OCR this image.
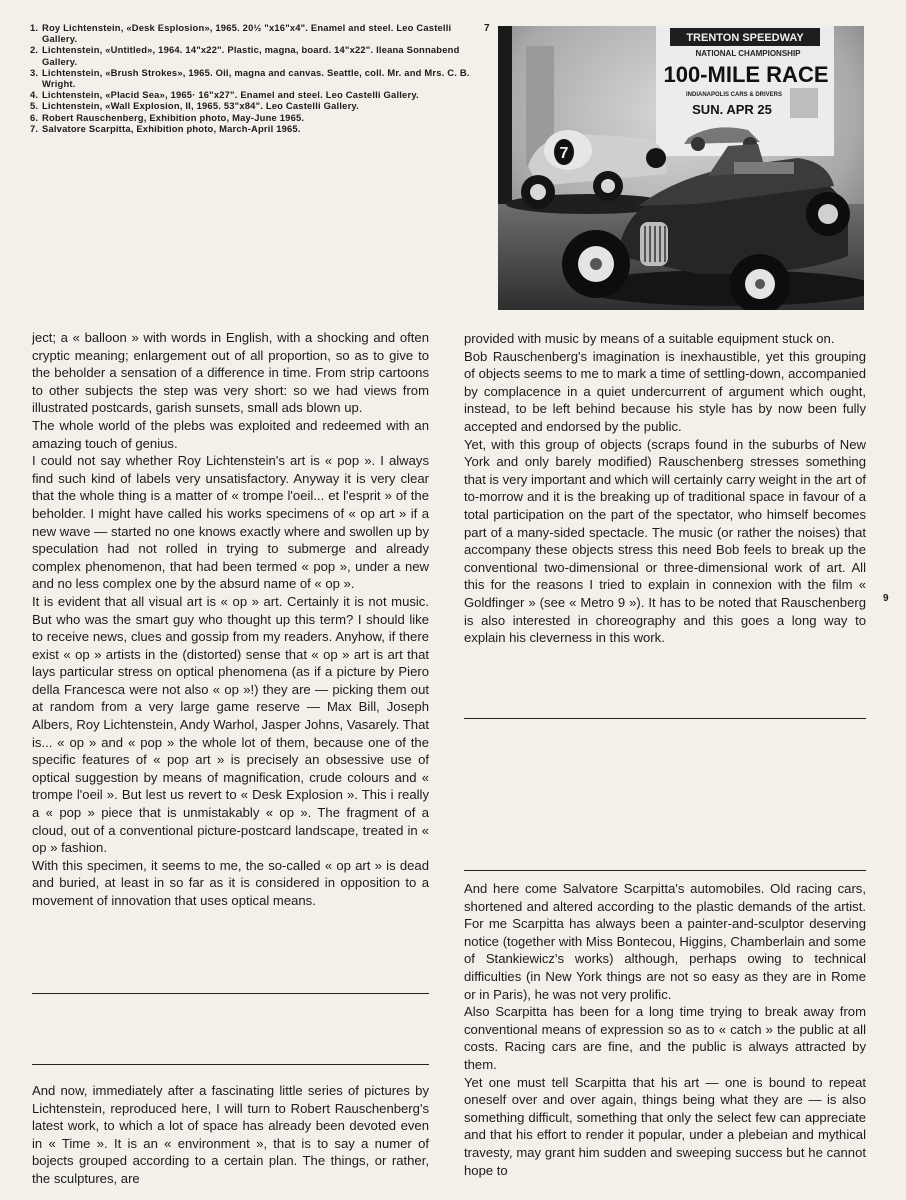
1. Roy Lichtenstein, «Desk Esplosion», 1965. 20½ "x16"x4". Enamel and steel. Leo Castelli Gallery.
2. Lichtenstein, «Untitled», 1964. 14"x22". Plastic, magna, board. 14"x22". Ileana Sonnabend Gallery.
3. Lichtenstein, «Brush Strokes», 1965. Oil, magna and canvas. Seattle, coll. Mr. and Mrs. C. B. Wright.
4. Lichtenstein, «Placid Sea», 1965· 16"x27". Enamel and steel. Leo Castelli Gallery.
5. Lichtenstein, «Wall Explosion, II, 1965. 53"x84". Leo Castelli Gallery.
6. Robert Rauschenberg, Exhibition photo, May-June 1965.
7. Salvatore Scarpitta, Exhibition photo, March-April 1965.
7
TRENTON SPEEDWAY
NATIONAL CHAMPIONSHIP
100-MILE RACE
INDIANAPOLIS CARS & DRIVERS
SUN. APR 25
7

ject; a « balloon » with words in English, with a shocking and often cryptic meaning; enlargement out of all proportion, so as to give to the beholder a sensation of a difference in time. From strip cartoons to other subjects the step was very short: so we had views from illustrated postcards, garish sunsets, small ads blown up.

The whole world of the plebs was exploited and redeemed with an amazing touch of genius.

I could not say whether Roy Lichtenstein's art is « pop ». I always find such kind of labels very unsatisfactory. Anyway it is very clear that the whole thing is a matter of « trompe l'oeil... et l'esprit » of the beholder. I might have called his works specimens of « op art » if a new wave — started no one knows exactly where and swollen up by speculation had not rolled in trying to submerge and already complex phenomenon, that had been termed « pop », under a new and no less complex one by the absurd name of « op ».

It is evident that all visual art is « op » art. Certainly it is not music. But who was the smart guy who thought up this term? I should like to receive news, clues and gossip from my readers. Anyhow, if there exist « op » artists in the (distorted) sense that « op » art is art that lays particular stress on optical phenomena (as if a picture by Piero della Francesca were not also « op »!) they are — picking them out at random from a very large game reserve — Max Bill, Joseph Albers, Roy Lichtenstein, Andy Warhol, Jasper Johns, Vasarely. That is... « op » and « pop » the whole lot of them, because one of the specific features of « pop art » is precisely an obsessive use of optical suggestion by means of magnification, crude colours and « trompe l'oeil ». But lest us revert to « Desk Explosion ». This i really a « pop » piece that is unmistakably « op ». The fragment of a cloud, out of a conventional picture-postcard landscape, treated in « op » fashion.

With this specimen, it seems to me, the so-called « op art » is dead and buried, at least in so far as it is considered in opposition to a movement of innovation that uses optical means.

And now, immediately after a fascinating little series of pictures by Lichtenstein, reproduced here, I will turn to Robert Rauschenberg's latest work, to which a lot of space has already been devoted even in « Time ». It is an « environment », that is to say a numer of bojects grouped according to a certain plan. The things, or rather, the sculptures, are

provided with music by means of a suitable equipment stuck on.

Bob Rauschenberg's imagination is inexhaustible, yet this grouping of objects seems to me to mark a time of settling-down, accompanied by complacence in a quiet undercurrent of argument which ought, instead, to be left behind because his style has by now been fully accepted and endorsed by the public.

Yet, with this group of objects (scraps found in the suburbs of New York and only barely modified) Rauschenberg stresses something that is very important and which will certainly carry weight in the art of to-morrow and it is the breaking up of traditional space in favour of a total participation on the part of the spectator, who himself becomes part of a many-sided spectacle. The music (or rather the noises) that accompany these objects stress this need Bob feels to break up the conventional two-dimensional or three-dimensional work of art. All this for the reasons I tried to explain in connexion with the film « Goldfinger » (see « Metro 9 »). It has to be noted that Rauschenberg is also interested in choreography and this goes a long way to explain his cleverness in this work.

And here come Salvatore Scarpitta's automobiles. Old racing cars, shortened and altered according to the plastic demands of the artist. For me Scarpitta has always been a painter-and-sculptor deserving notice (together with Miss Bontecou, Higgins, Chamberlain and some of Stankiewicz's works) although, perhaps owing to technical difficulties (in New York things are not so easy as they are in Rome or in Paris), he was not very prolific.

Also Scarpitta has been for a long time trying to break away from conventional means of expression so as to « catch » the public at all costs. Racing cars are fine, and the public is always attracted by them.

Yet one must tell Scarpitta that his art — one is bound to repeat oneself over and over again, things being what they are — is also something difficult, something that only the select few can appreciate and that his effort to render it popular, under a plebeian and mythical travesty, may grant him sudden and sweeping success but he cannot hope to

9
